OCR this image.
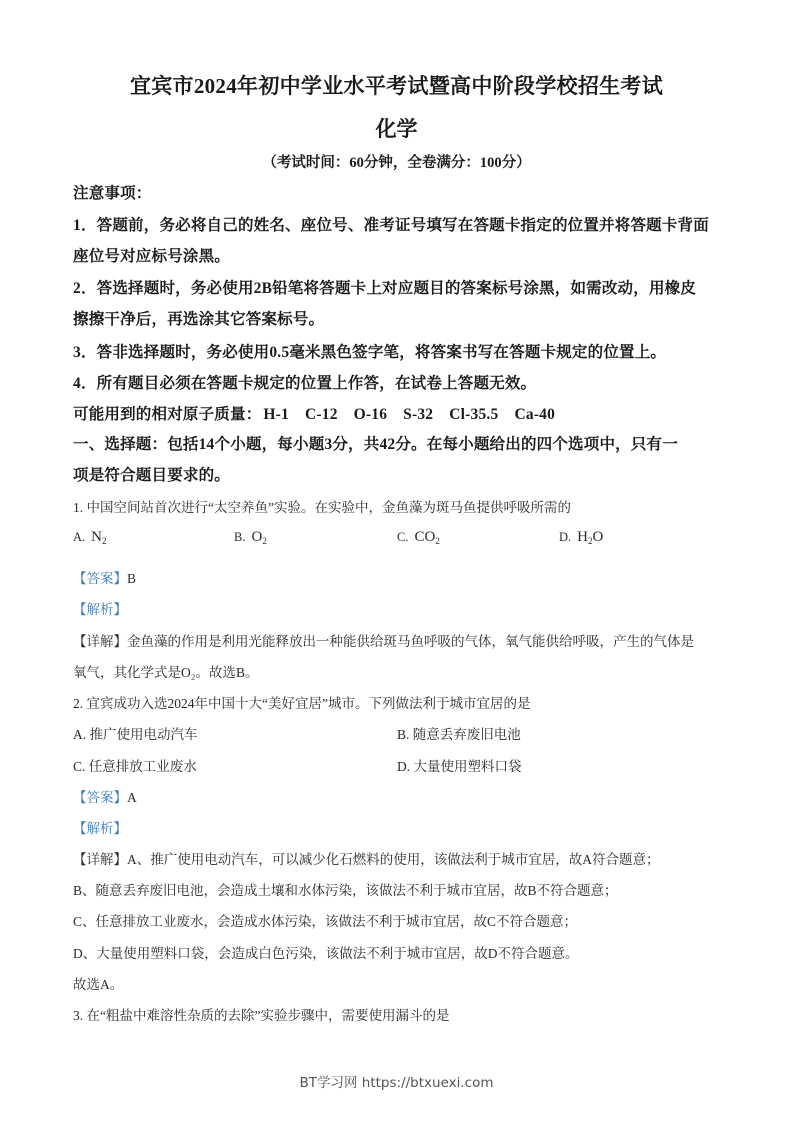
宜宾市2024年初中学业水平考试暨高中阶段学校招生考试
化学
（考试时间：60分钟，全卷满分：100分）
注意事项：
1．答题前，务必将自己的姓名、座位号、准考证号填写在答题卡指定的位置并将答题卡背面
座位号对应标号涂黑。
2．答选择题时，务必使用2B铅笔将答题卡上对应题目的答案标号涂黑，如需改动，用橡皮
擦擦干净后，再选涂其它答案标号。
3．答非选择题时，务必使用0.5毫米黑色签字笔，将答案书写在答题卡规定的位置上。
4．所有题目必须在答题卡规定的位置上作答，在试卷上答题无效。
可能用到的相对原子质量： H-1 C-12 O-16 S-32 Cl-35.5 Ca-40
一、选择题：包括14个小题，每小题3分，共42分。在每小题给出的四个选项中，只有一
项是符合题目要求的。
1. 中国空间站首次进行“太空养鱼”实验。在实验中，金鱼藻为斑马鱼提供呼吸所需的
A. $N_2$	B. $O_2$	C. $CO_2$	D. $H_2O$
【答案】B
【解析】
【详解】金鱼藻的作用是利用光能释放出一种能供给斑马鱼呼吸的气体，氧气能供给呼吸，产生的气体是
氧气，其化学式是O₂。故选B。
2. 宜宾成功入选2024年中国十大“美好宜居”城市。下列做法利于城市宜居的是
A. 推广使用电动汽车	B. 随意丢弃废旧电池
C. 任意排放工业废水	D. 大量使用塑料口袋
【答案】A
【解析】
【详解】A、推广使用电动汽车，可以减少化石燃料的使用，该做法利于城市宜居，故A符合题意；
B、随意丢弃废旧电池，会造成土壤和水体污染，该做法不利于城市宜居，故B不符合题意；
C、任意排放工业废水，会造成水体污染，该做法不利于城市宜居，故C不符合题意；
D、大量使用塑料口袋，会造成白色污染，该做法不利于城市宜居，故D不符合题意。
故选A。
3. 在“粗盐中难溶性杂质的去除”实验步骤中，需要使用漏斗的是
BT学习网 https://btxuexi.com
